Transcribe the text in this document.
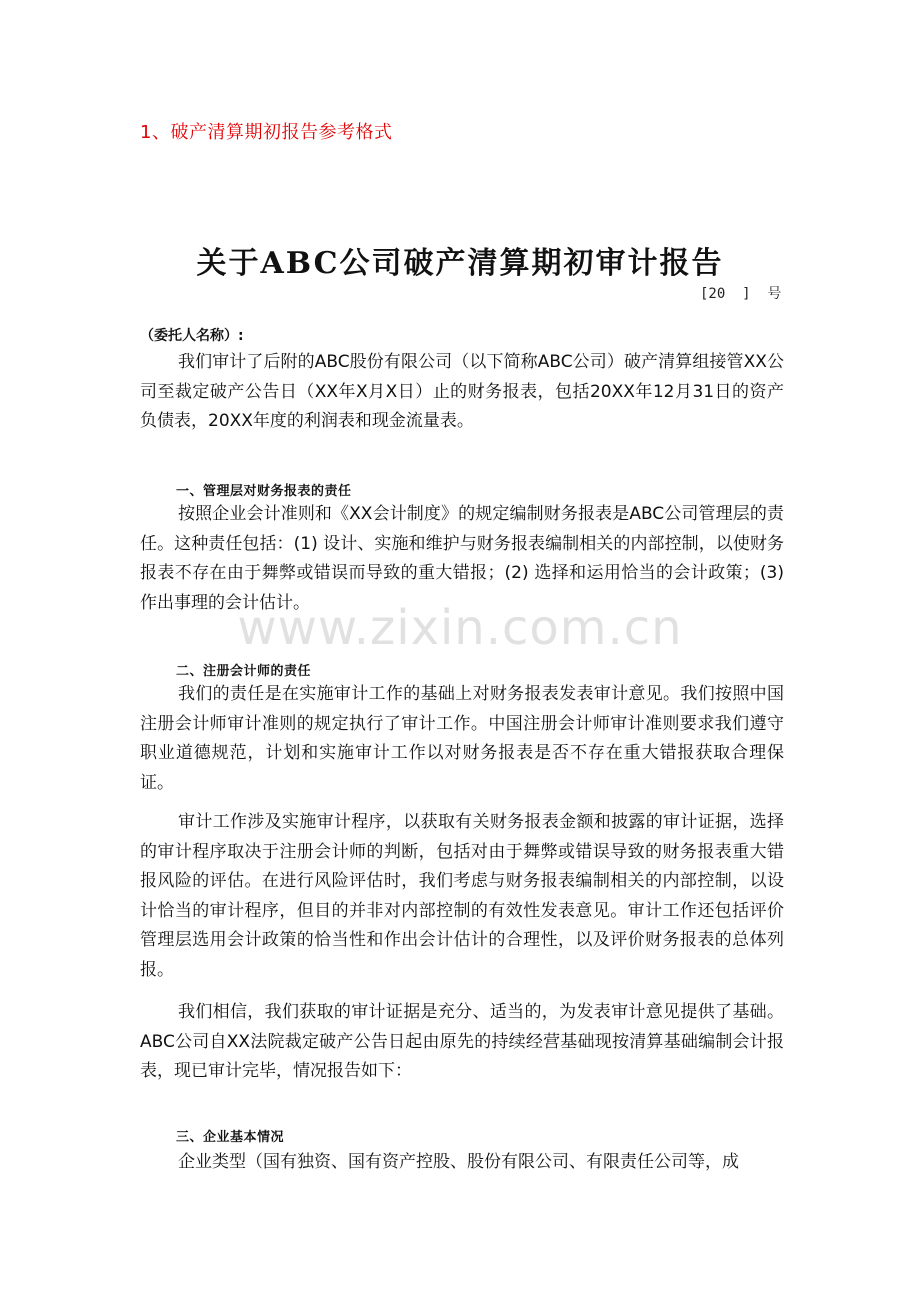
1、破产清算期初报告参考格式
关于ABC公司破产清算期初审计报告
[20  ]  号
（委托人名称）:
我们审计了后附的ABC股份有限公司（以下简称ABC公司）破产清算组接管XX公司至裁定破产公告日（XX年X月X日）止的财务报表，包括20XX年12月31日的资产负债表，20XX年度的利润表和现金流量表。
一、管理层对财务报表的责任
按照企业会计准则和《XX会计制度》的规定编制财务报表是ABC公司管理层的责任。这种责任包括：(1) 设计、实施和维护与财务报表编制相关的内部控制，以使财务报表不存在由于舞弊或错误而导致的重大错报；(2) 选择和运用恰当的会计政策；(3) 作出事理的会计估计。
www.zixin.com.cn
二、注册会计师的责任
我们的责任是在实施审计工作的基础上对财务报表发表审计意见。我们按照中国注册会计师审计准则的规定执行了审计工作。中国注册会计师审计准则要求我们遵守职业道德规范，计划和实施审计工作以对财务报表是否不存在重大错报获取合理保证。
审计工作涉及实施审计程序，以获取有关财务报表金额和披露的审计证据，选择的审计程序取决于注册会计师的判断，包括对由于舞弊或错误导致的财务报表重大错报风险的评估。在进行风险评估时，我们考虑与财务报表编制相关的内部控制，以设计恰当的审计程序，但目的并非对内部控制的有效性发表意见。审计工作还包括评价管理层选用会计政策的恰当性和作出会计估计的合理性，以及评价财务报表的总体列报。
我们相信，我们获取的审计证据是充分、适当的，为发表审计意见提供了基础。ABC公司自XX法院裁定破产公告日起由原先的持续经营基础现按清算基础编制会计报表，现已审计完毕，情况报告如下：
三、企业基本情况
企业类型（国有独资、国有资产控股、股份有限公司、有限责任公司等，成
